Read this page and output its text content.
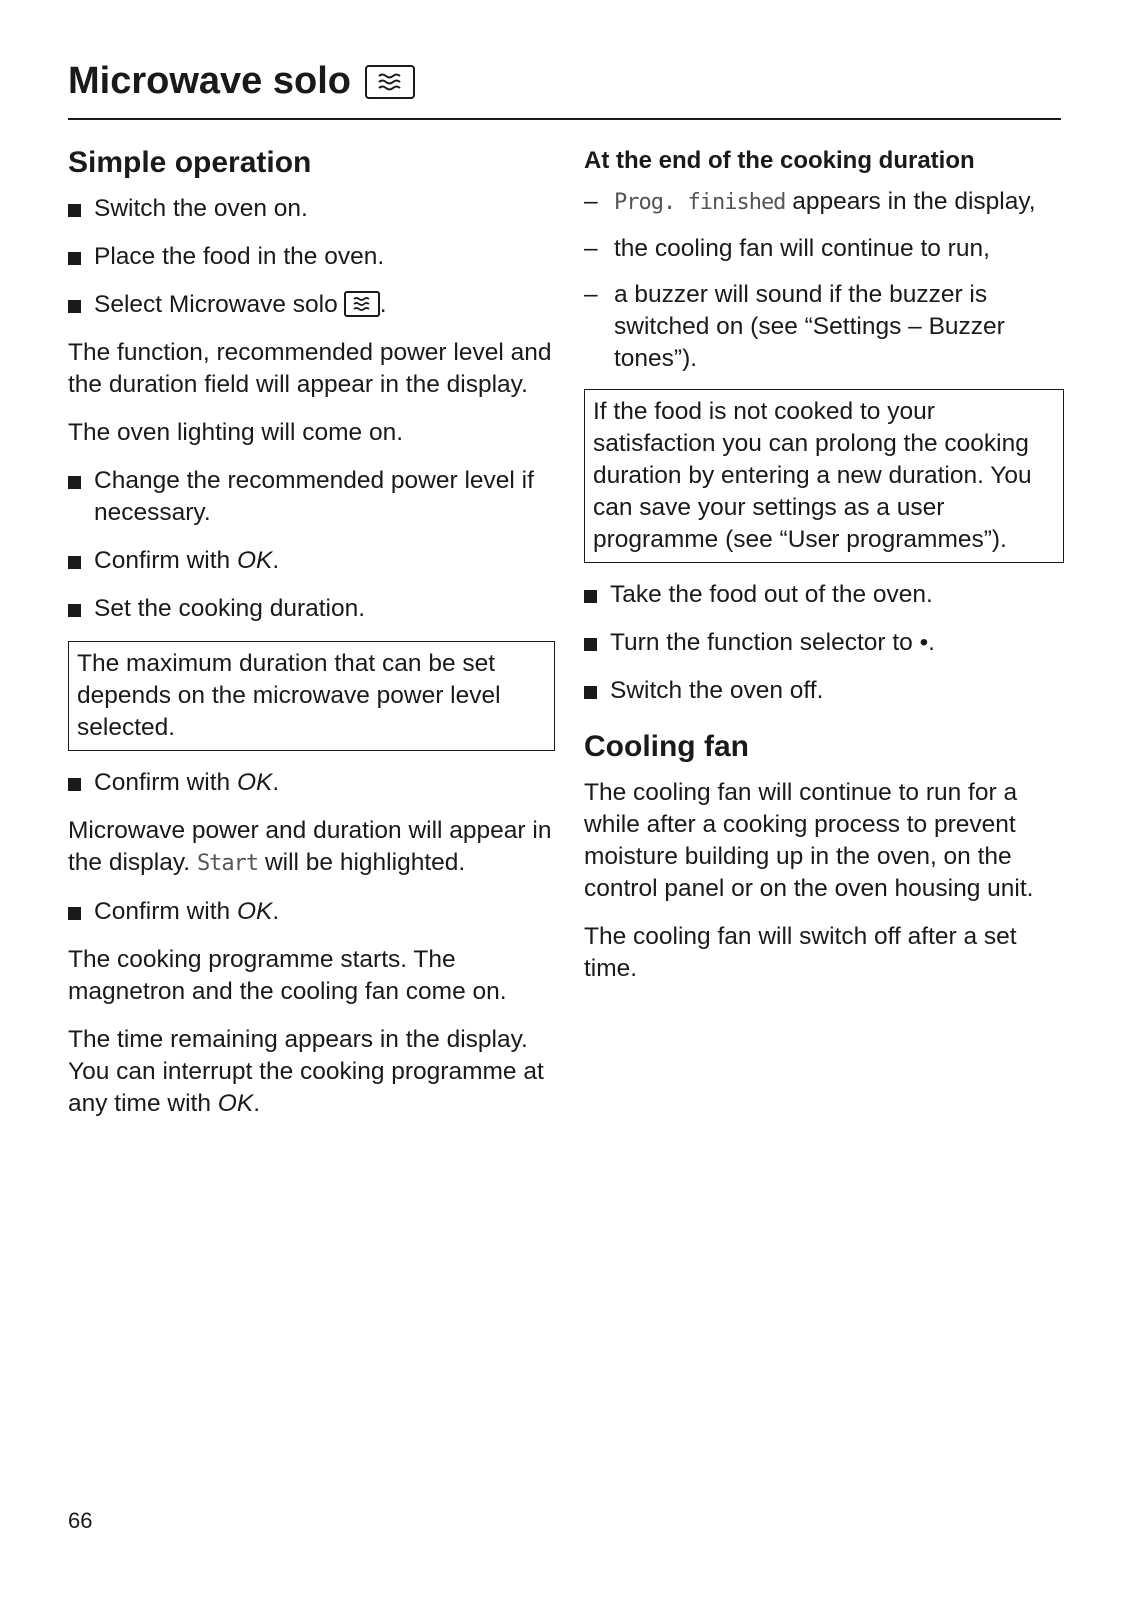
Microwave solo
Simple operation
Switch the oven on.
Place the food in the oven.
Select Microwave solo .

The function, recommended power level and the duration field will appear in the display.

The oven lighting will come on.

Change the recommended power level if necessary.
Confirm with OK.
Set the cooking duration.
The maximum duration that can be set depends on the microwave power level selected.
Confirm with OK.

Microwave power and duration will appear in the display. Start will be highlighted.

Confirm with OK.

The cooking programme starts. The magnetron and the cooling fan come on.

The time remaining appears in the display. You can interrupt the cooking programme at any time with OK.

At the end of the cooking duration
– Prog. finished appears in the display,
– the cooling fan will continue to run,
– a buzzer will sound if the buzzer is switched on (see “Settings – Buzzer tones”).
If the food is not cooked to your satisfaction you can prolong the cooking duration by entering a new duration. You can save your settings as a user programme (see “User programmes”).
Take the food out of the oven.
Turn the function selector to •.
Switch the oven off.
Cooling fan

The cooling fan will continue to run for a while after a cooking process to prevent moisture building up in the oven, on the control panel or on the oven housing unit.

The cooling fan will switch off after a set time.

66
